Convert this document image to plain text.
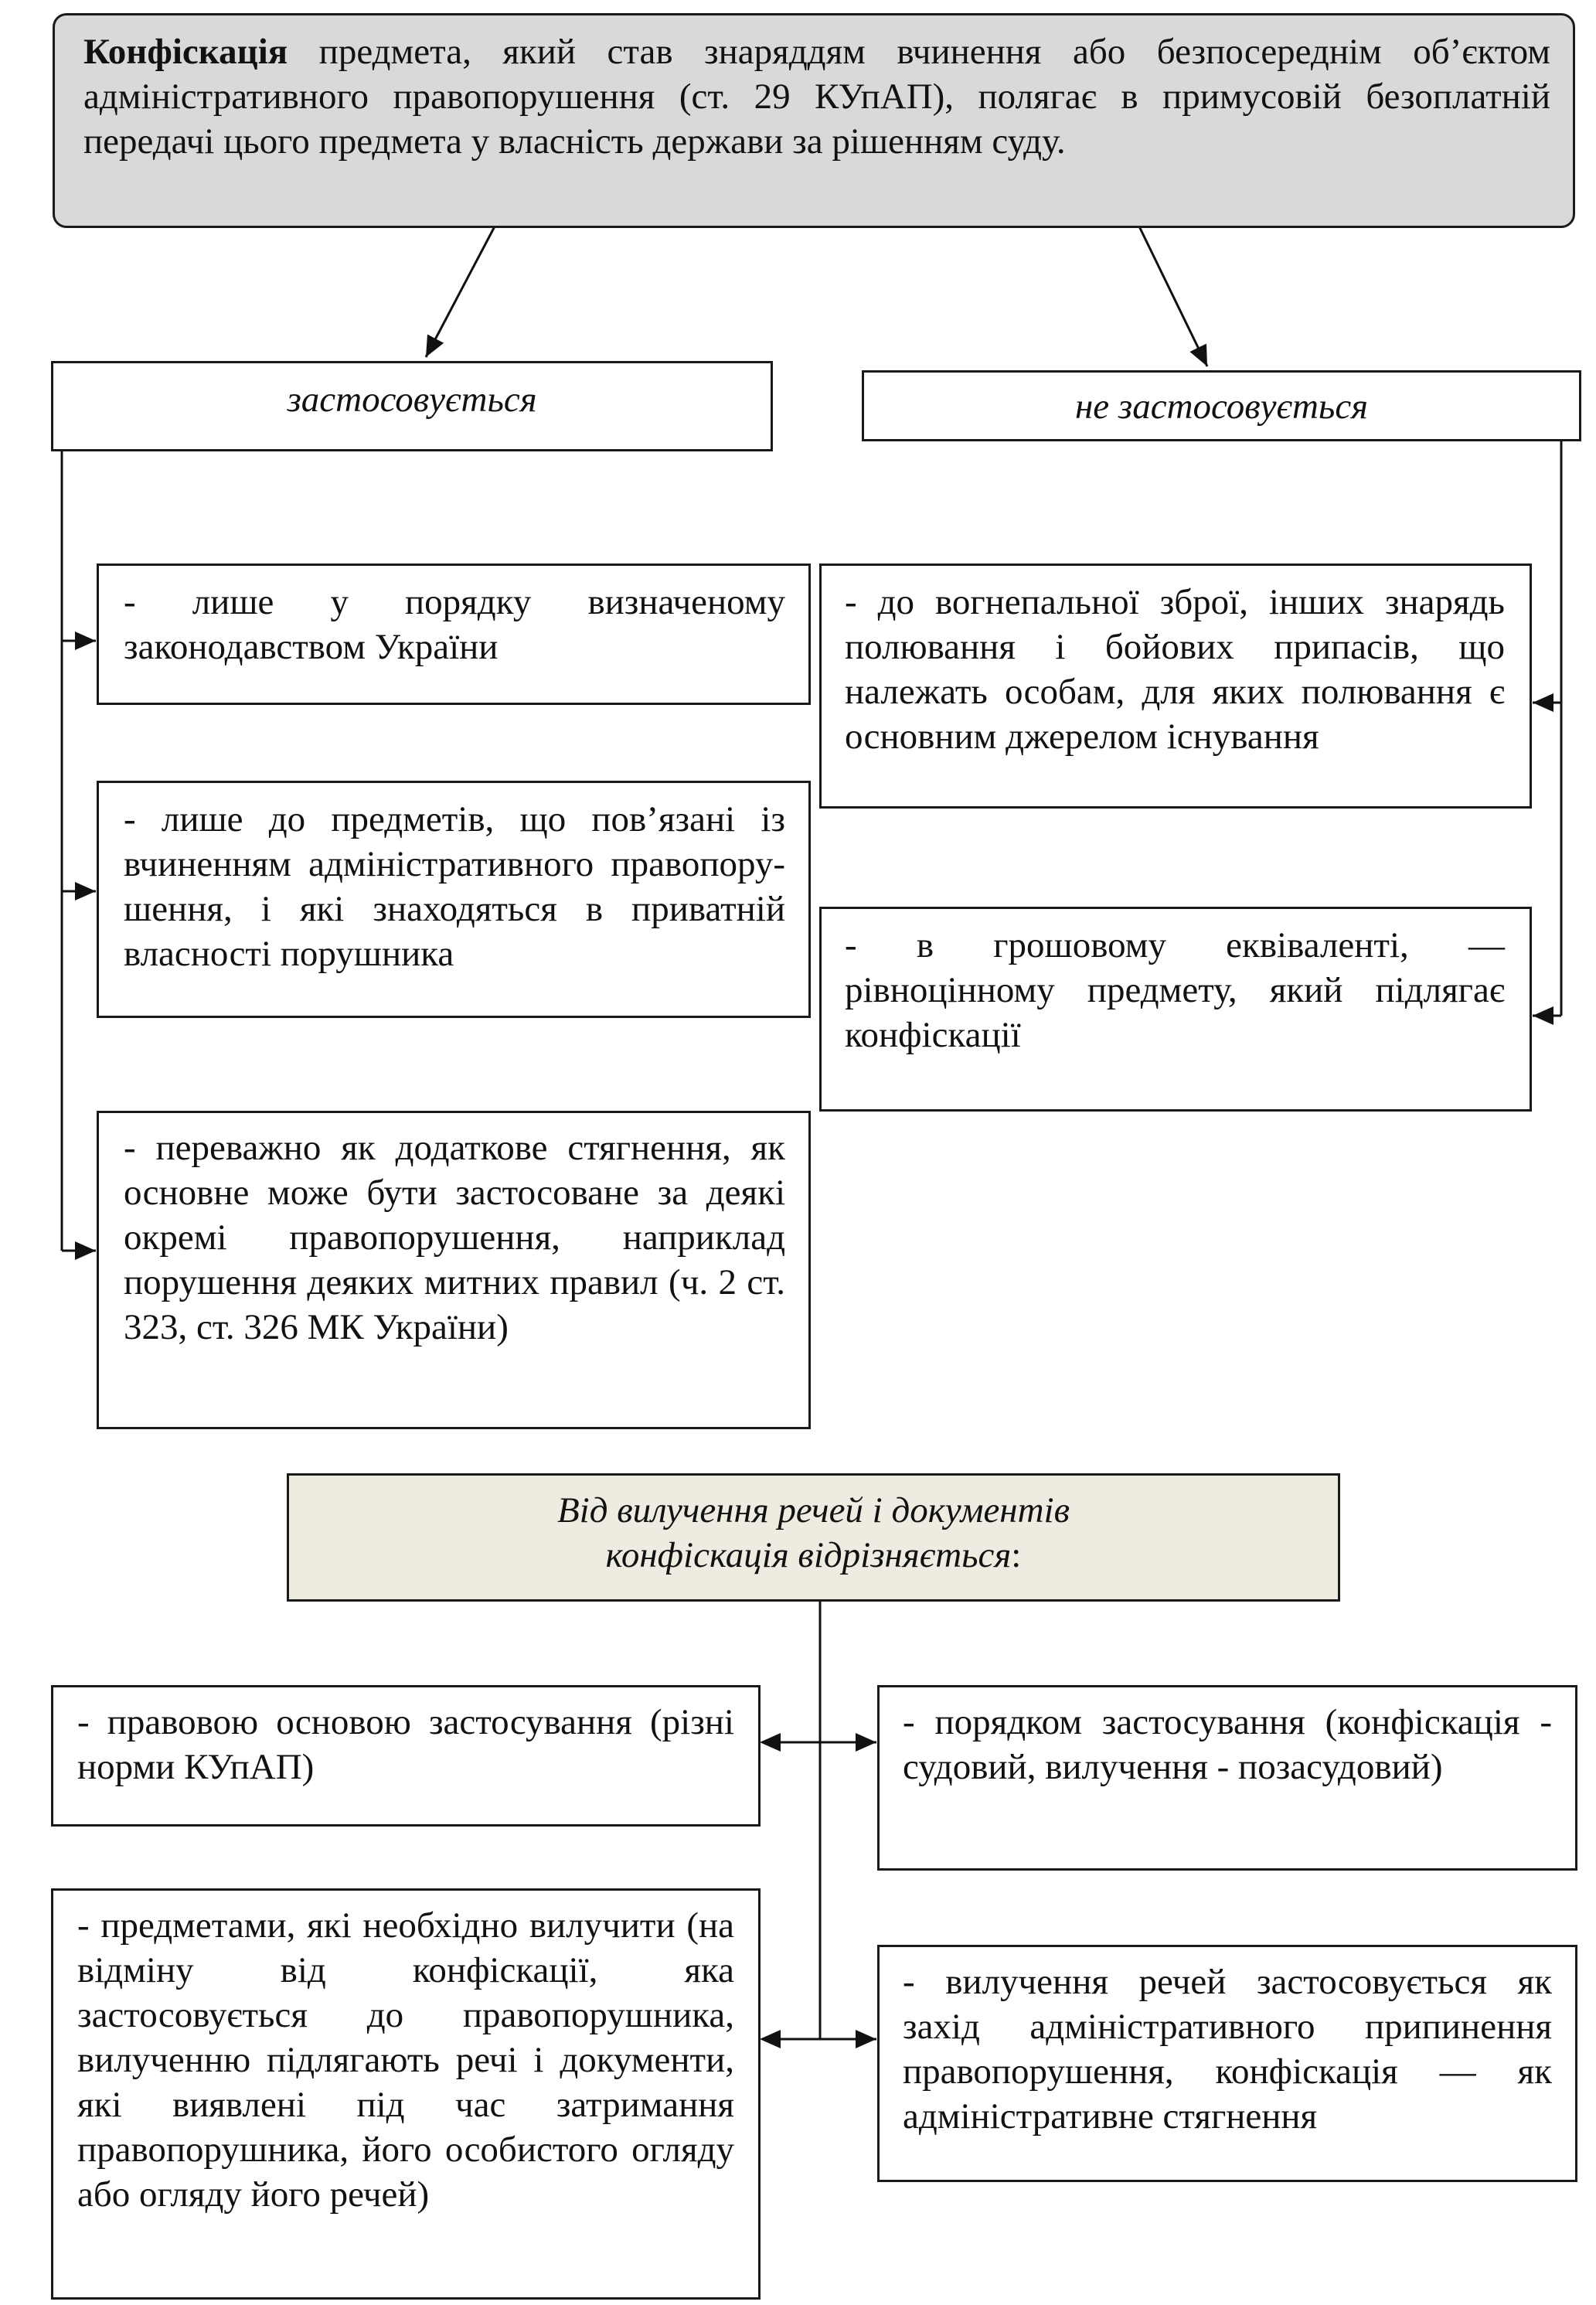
Конфіскація предмета, який став знаряддям вчинення або безпосереднім об’єктом адміністративного правопорушення (ст. 29 КУпАП), полягає в примусовій безоплатній передачі цього предмета у власність держави за рішенням суду.
застосовується	не застосовується
- лише у порядку визначеному законодавством України
- лише до предметів, що пов’язані із вчиненням адміністративного правопору-шення, і які знаходяться в приватній власності порушника
- переважно як додаткове стягнення, як основне може бути застосоване за деякі окремі правопорушення, наприклад порушення деяких митних правил (ч. 2 ст. 323, ст. 326 МК України)
- до вогнепальної зброї, інших знарядь полювання і бойових припасів, що належать особам, для яких полювання є основним джерелом існування
- в грошовому еквіваленті, — рівноцінному предмету, який підлягає конфіскації
Від вилучення речей і документів
конфіскація відрізняється:
- правовою основою застосування (різні норми КУпАП)
- порядком застосування (конфіскація - судовий, вилучення - позасудовий)
- предметами, які необхідно вилучити (на відміну від конфіскації, яка застосовується до правопорушника, вилученню підлягають речі і документи, які виявлені під час затримання правопорушника, його особистого огляду або огляду його речей)
- вилучення речей застосовується як захід адміністративного припинення правопорушення, конфіскація — як адміністративне стягнення
